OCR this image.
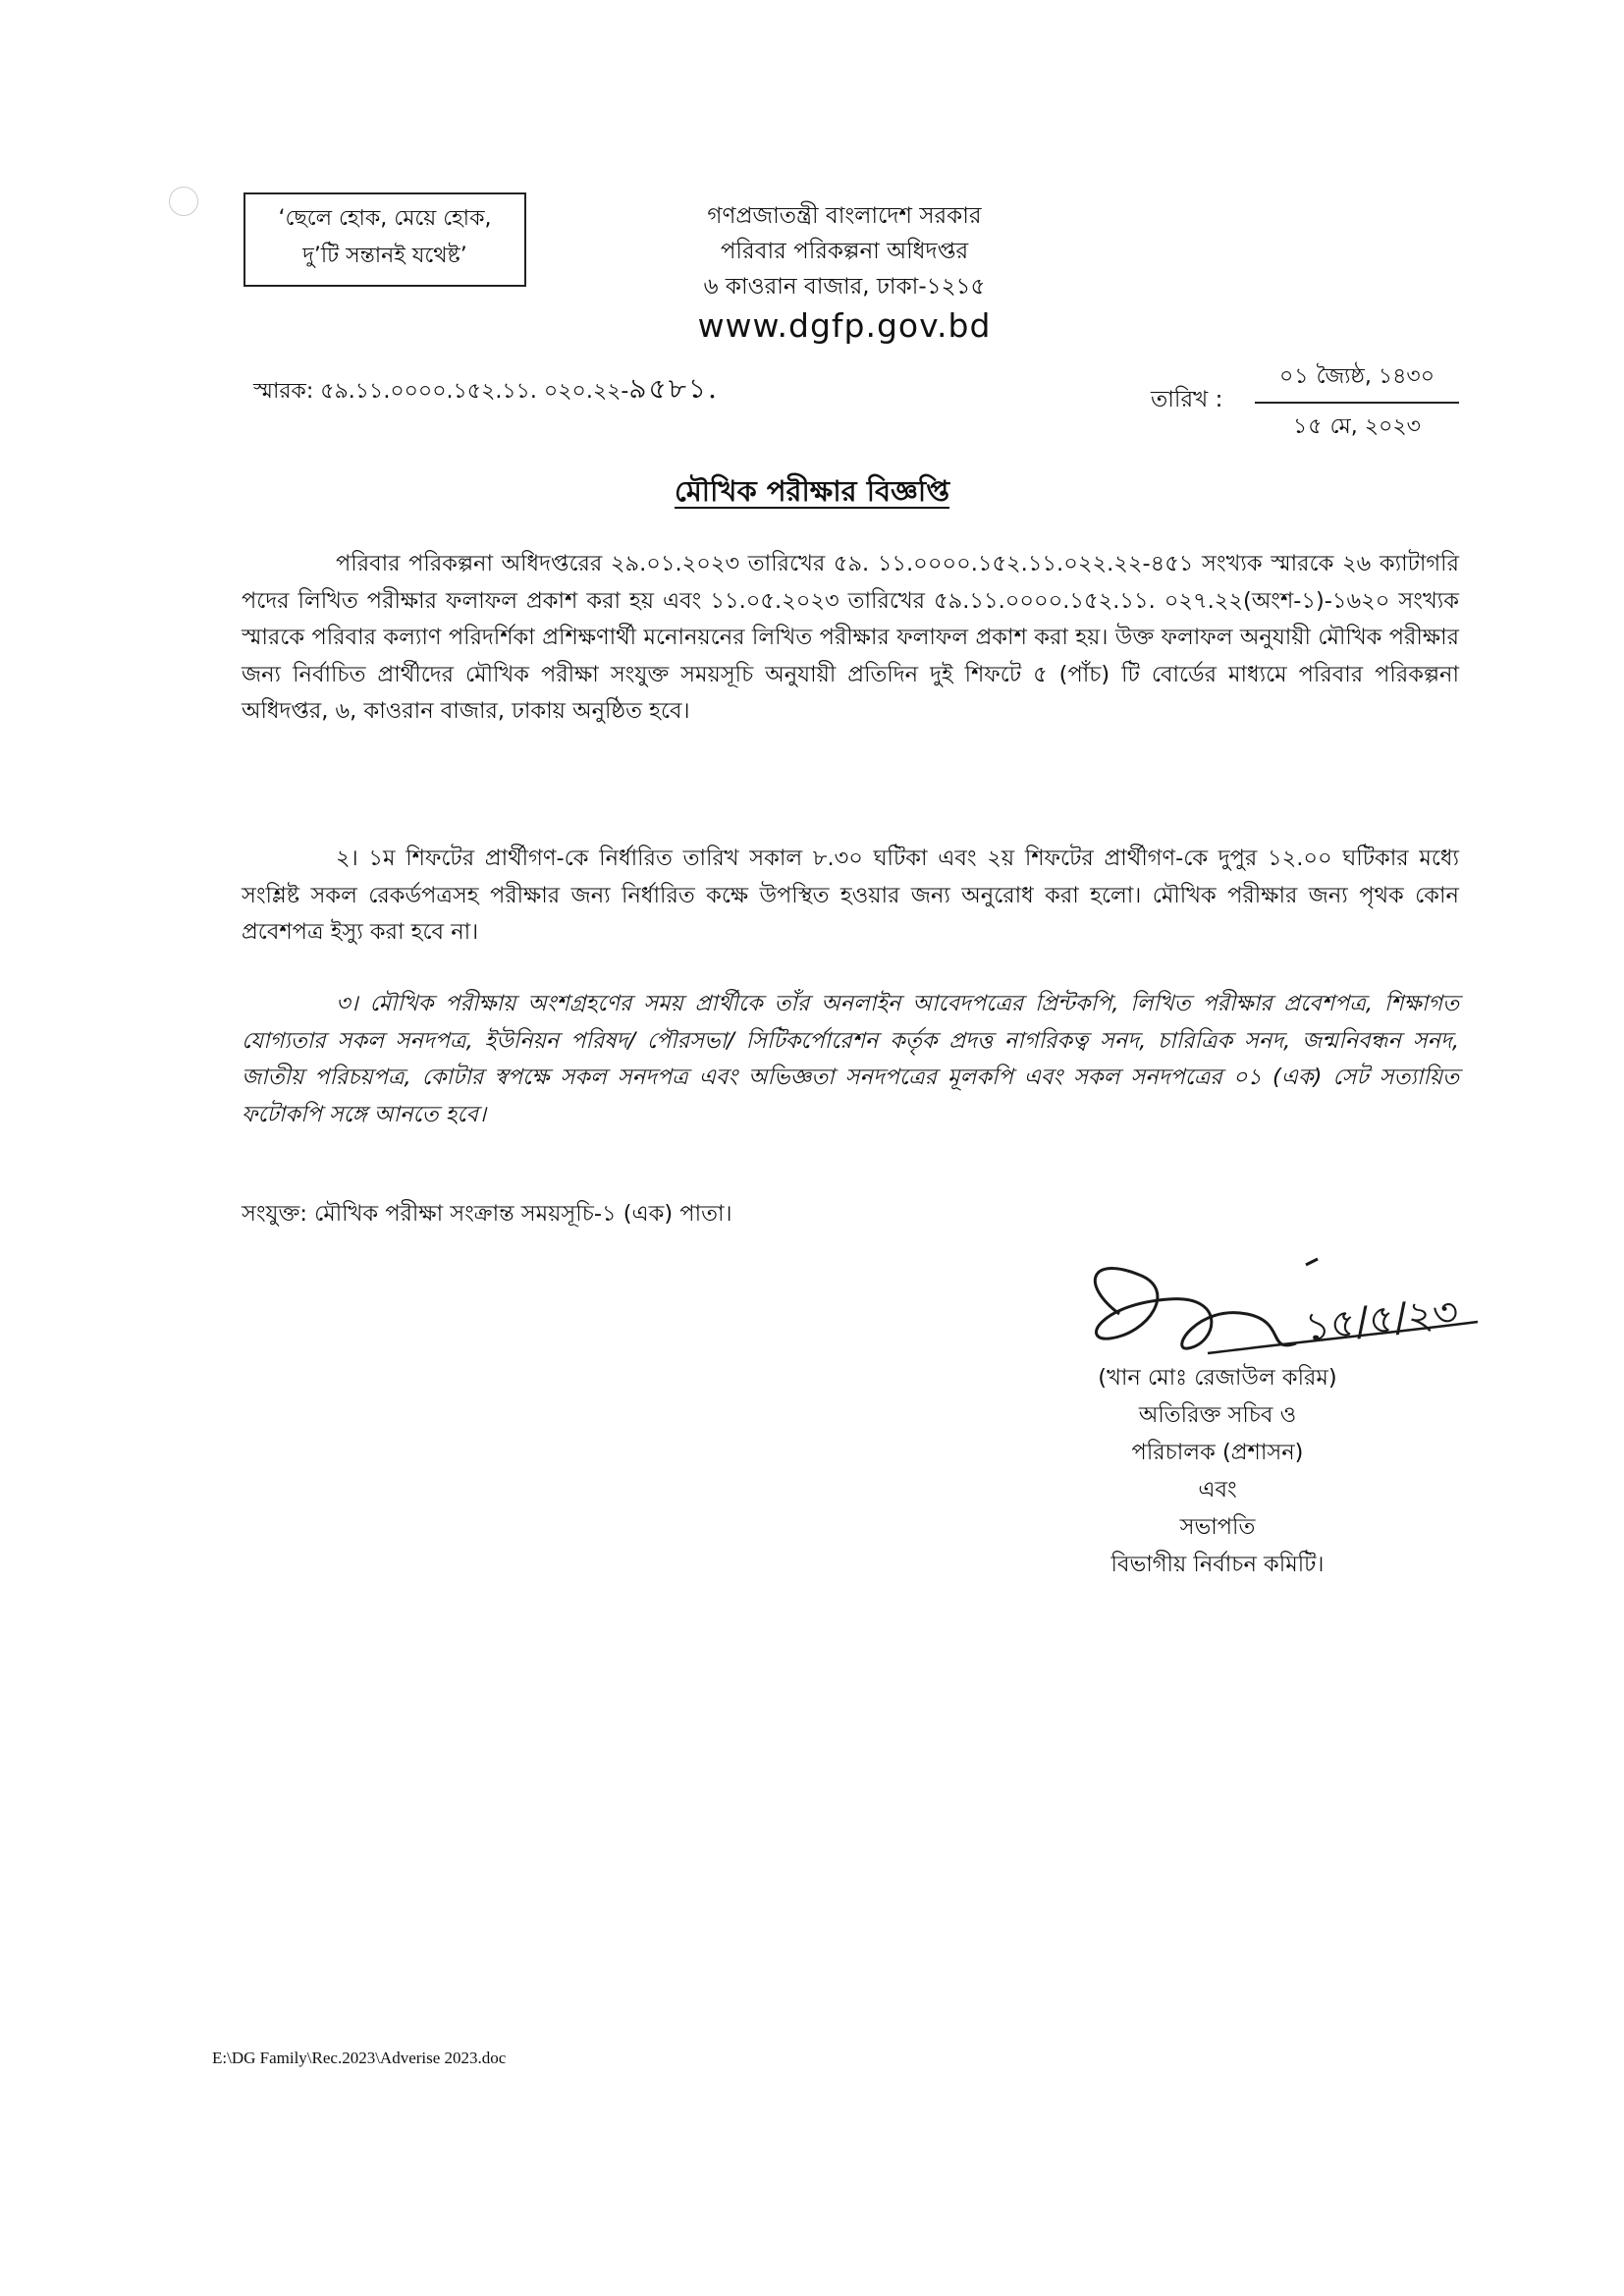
‘ছেলে হোক, মেয়ে হোক,
দু’টি সন্তানই যথেষ্ট’
গণপ্রজাতন্ত্রী বাংলাদেশ সরকার
পরিবার পরিকল্পনা অধিদপ্তর
৬ কাওরান বাজার, ঢাকা-১২১৫
www.dgfp.gov.bd
স্মারক: ৫৯.১১.০০০০.১৫২.১১. ০২০.২২-৯৫৮১.	তারিখ :
০১ জ্যৈষ্ঠ, ১৪৩০
১৫ মে, ২০২৩
মৌখিক পরীক্ষার বিজ্ঞপ্তি
পরিবার পরিকল্পনা অধিদপ্তরের ২৯.০১.২০২৩ তারিখের ৫৯. ১১.০০০০.১৫২.১১.০২২.২২-৪৫১ সংখ্যক স্মারকে ২৬ ক্যাটাগরি পদের লিখিত পরীক্ষার ফলাফল প্রকাশ করা হয় এবং ১১.০৫.২০২৩ তারিখের ৫৯.১১.০০০০.১৫২.১১. ০২৭.২২(অংশ-১)-১৬২০ সংখ্যক স্মারকে পরিবার কল্যাণ পরিদর্শিকা প্রশিক্ষণার্থী মনোনয়নের লিখিত পরীক্ষার ফলাফল প্রকাশ করা হয়। উক্ত ফলাফল অনুযায়ী মৌখিক পরীক্ষার জন্য নির্বাচিত প্রার্থীদের মৌখিক পরীক্ষা সংযুক্ত সময়সূচি অনুযায়ী প্রতিদিন দুই শিফটে ৫ (পাঁচ) টি বোর্ডের মাধ্যমে পরিবার পরিকল্পনা অধিদপ্তর, ৬, কাওরান বাজার, ঢাকায় অনুষ্ঠিত হবে।
২। ১ম শিফটের প্রার্থীগণ-কে নির্ধারিত তারিখ সকাল ৮.৩০ ঘটিকা এবং ২য় শিফটের প্রার্থীগণ-কে দুপুর ১২.০০ ঘটিকার মধ্যে সংশ্লিষ্ট সকল রেকর্ডপত্রসহ পরীক্ষার জন্য নির্ধারিত কক্ষে উপস্থিত হওয়ার জন্য অনুরোধ করা হলো। মৌখিক পরীক্ষার জন্য পৃথক কোন প্রবেশপত্র ইস্যু করা হবে না।
৩। মৌখিক পরীক্ষায় অংশগ্রহণের সময় প্রার্থীকে তাঁর অনলাইন আবেদপত্রের প্রিন্টকপি, লিখিত পরীক্ষার প্রবেশপত্র, শিক্ষাগত যোগ্যতার সকল সনদপত্র, ইউনিয়ন পরিষদ/ পৌরসভা/ সিটিকর্পোরেশন কর্তৃক প্রদত্ত নাগরিকত্ব সনদ, চারিত্রিক সনদ, জন্মনিবন্ধন সনদ, জাতীয় পরিচয়পত্র, কোটার স্বপক্ষে সকল সনদপত্র এবং অভিজ্ঞতা সনদপত্রের মূলকপি এবং সকল সনদপত্রের ০১ (এক) সেট সত্যায়িত ফটোকপি সঙ্গে আনতে হবে।
সংযুক্ত: মৌখিক পরীক্ষা সংক্রান্ত সময়সূচি-১ (এক) পাতা।
১৫/৫/২৩
(খান মোঃ রেজাউল করিম)
অতিরিক্ত সচিব ও
পরিচালক (প্রশাসন)
এবং
সভাপতি
বিভাগীয় নির্বাচন কমিটি।
E:\DG Family\Rec.2023\Adverise 2023.doc
